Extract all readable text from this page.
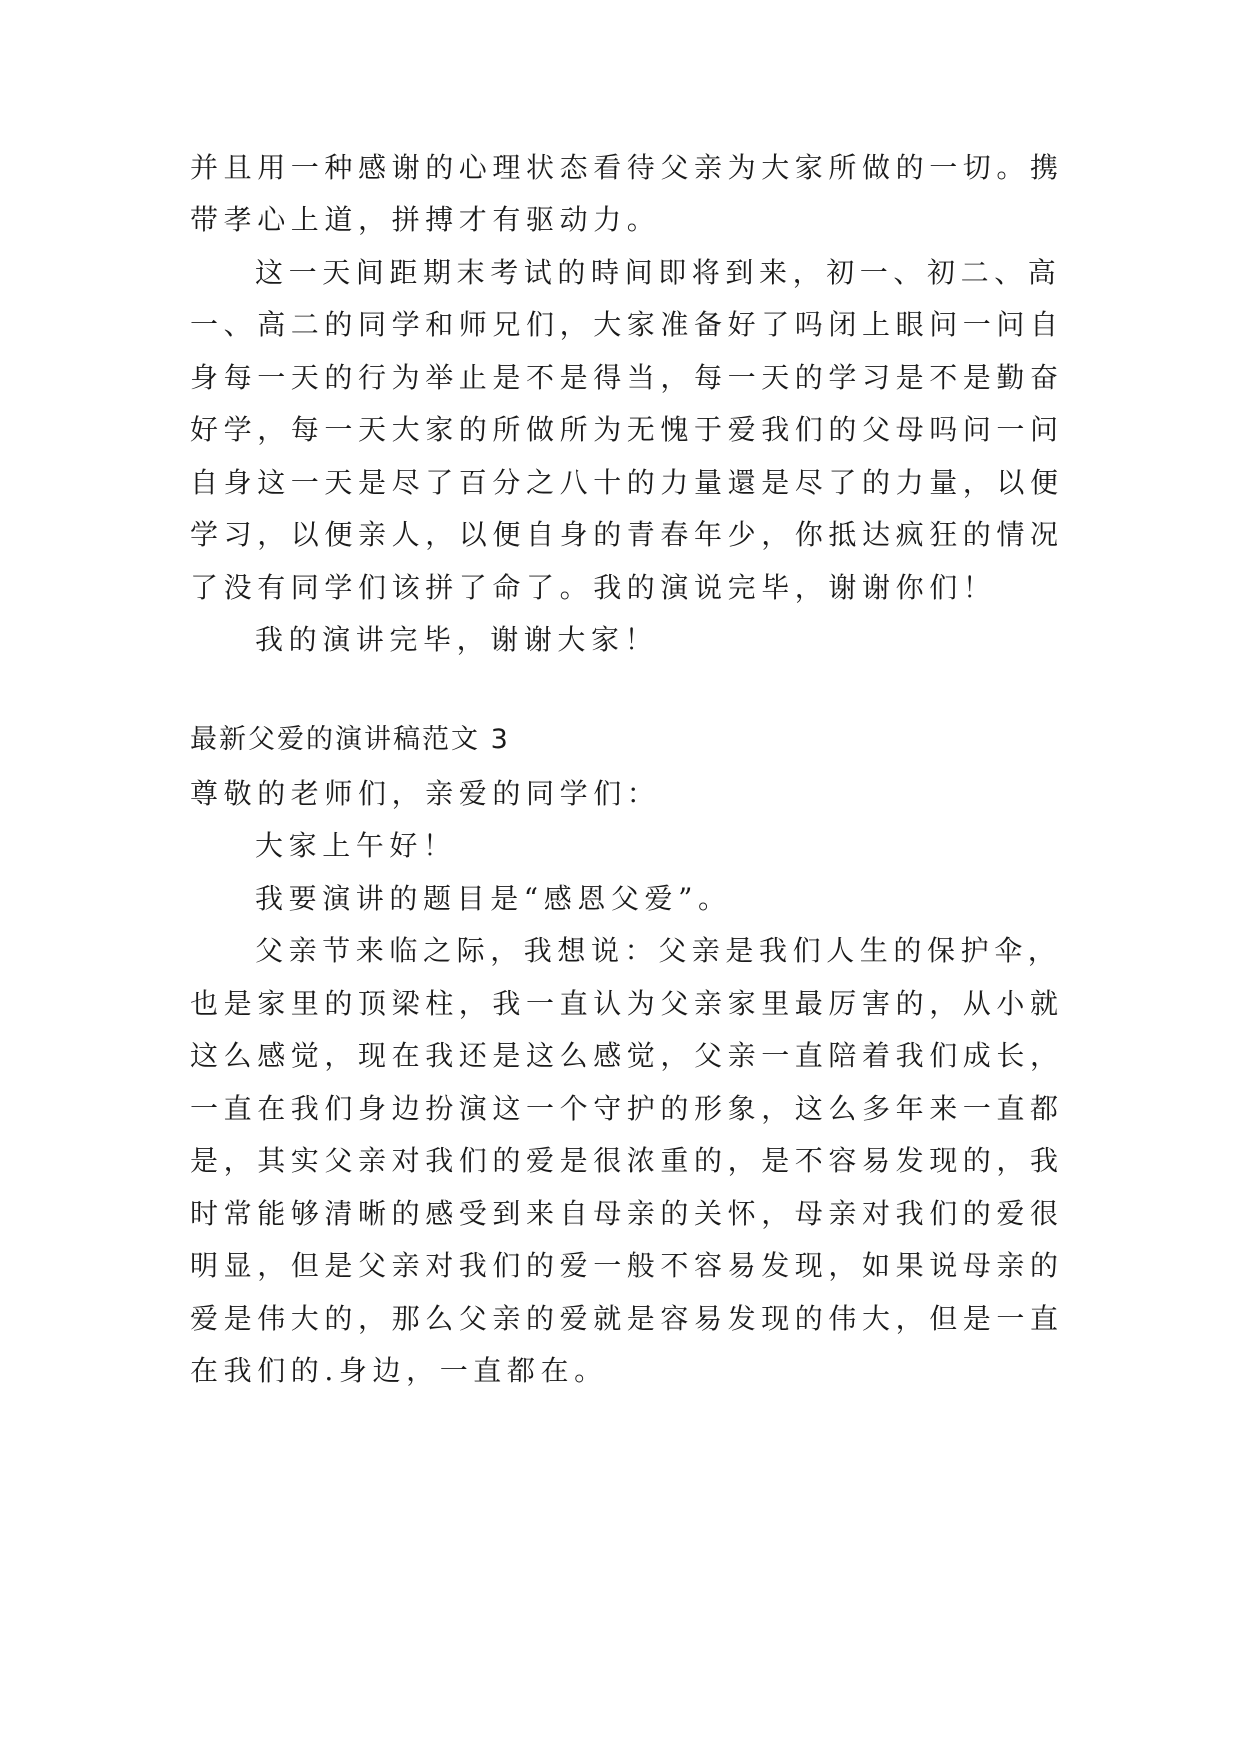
并且用一种感谢的心理状态看待父亲为大家所做的一切。携
带孝心上道，拼搏才有驱动力。
这一天间距期末考试的時间即将到来，初一、初二、高
一、高二的同学和师兄们，大家准备好了吗闭上眼问一问自
身每一天的行为举止是不是得当，每一天的学习是不是勤奋
好学，每一天大家的所做所为无愧于爱我们的父母吗问一问
自身这一天是尽了百分之八十的力量還是尽了的力量，以便
学习，以便亲人，以便自身的青春年少，你抵达疯狂的情况
了没有同学们该拼了命了。我的演说完毕，谢谢你们！
我的演讲完毕，谢谢大家！
最新父爱的演讲稿范文 3
尊敬的老师们，亲爱的同学们：
大家上午好！
我要演讲的题目是“感恩父爱”。
父亲节来临之际，我想说：父亲是我们人生的保护伞，
也是家里的顶梁柱，我一直认为父亲家里最厉害的，从小就
这么感觉，现在我还是这么感觉，父亲一直陪着我们成长，
一直在我们身边扮演这一个守护的形象，这么多年来一直都
是，其实父亲对我们的爱是很浓重的，是不容易发现的，我
时常能够清晰的感受到来自母亲的关怀，母亲对我们的爱很
明显，但是父亲对我们的爱一般不容易发现，如果说母亲的
爱是伟大的，那么父亲的爱就是容易发现的伟大，但是一直
在我们的.身边，一直都在。
